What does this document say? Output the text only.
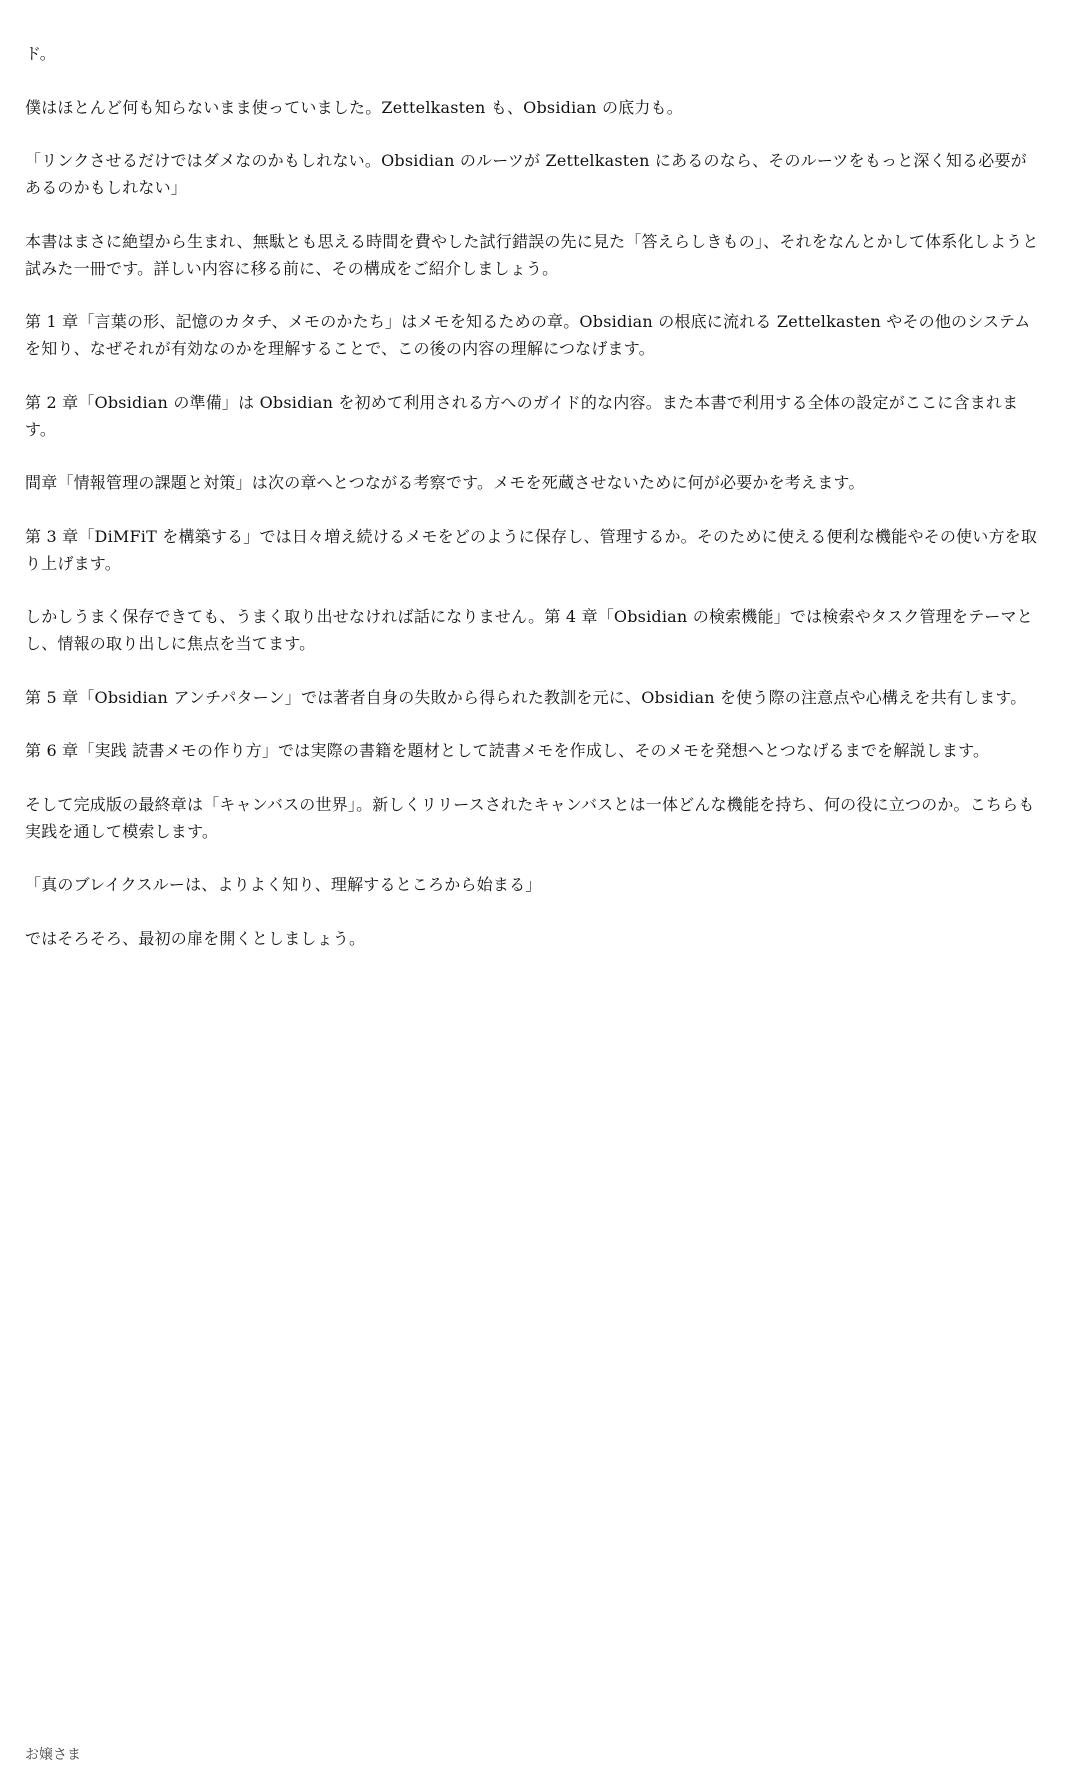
ド。

僕はほとんど何も知らないまま使っていました。Zettelkasten も、Obsidian の底力も。

「リンクさせるだけではダメなのかもしれない。Obsidian のルーツが Zettelkasten にあるのなら、そのルーツをもっと深く知る必要があるのかもしれない」

本書はまさに絶望から生まれ、無駄とも思える時間を費やした試行錯誤の先に見た「答えらしきもの」、それをなんとかして体系化しようと試みた一冊です。詳しい内容に移る前に、その構成をご紹介しましょう。

第 1 章「言葉の形、記憶のカタチ、メモのかたち」はメモを知るための章。Obsidian の根底に流れる Zettelkasten やその他のシステムを知り、なぜそれが有効なのかを理解することで、この後の内容の理解につなげます。

第 2 章「Obsidian の準備」は Obsidian を初めて利用される方へのガイド的な内容。また本書で利用する全体の設定がここに含まれます。

間章「情報管理の課題と対策」は次の章へとつながる考察です。メモを死蔵させないために何が必要かを考えます。

第 3 章「DiMFiT を構築する」では日々増え続けるメモをどのように保存し、管理するか。そのために使える便利な機能やその使い方を取り上げます。

しかしうまく保存できても、うまく取り出せなければ話になりません。第 4 章「Obsidian の検索機能」では検索やタスク管理をテーマとし、情報の取り出しに焦点を当てます。

第 5 章「Obsidian アンチパターン」では著者自身の失敗から得られた教訓を元に、Obsidian を使う際の注意点や心構えを共有します。

第 6 章「実践 読書メモの作り方」では実際の書籍を題材として読書メモを作成し、そのメモを発想へとつなげるまでを解説します。

そして完成版の最終章は「キャンバスの世界」。新しくリリースされたキャンバスとは一体どんな機能を持ち、何の役に立つのか。こちらも実践を通して模索します。

「真のブレイクスルーは、よりよく知り、理解するところから始まる」

ではそろそろ、最初の扉を開くとしましょう。

お嬢さま
